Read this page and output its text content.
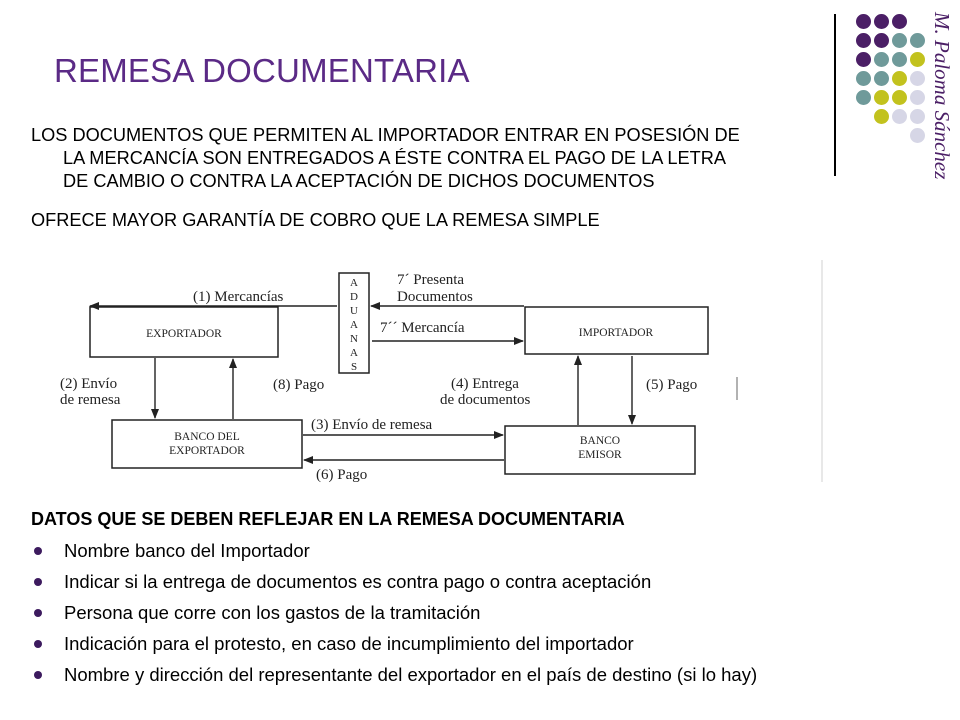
REMESA DOCUMENTARIA	M. Paloma Sánchez
LOS DOCUMENTOS QUE PERMITEN AL IMPORTADOR ENTRAR EN POSESIÓN DE
LA MERCANCÍA SON ENTREGADOS A ÉSTE CONTRA EL PAGO DE LA LETRA
DE CAMBIO O CONTRA LA ACEPTACIÓN DE DICHOS DOCUMENTOS
OFRECE MAYOR GARANTÍA DE COBRO QUE LA REMESA SIMPLE
EXPORTADOR
A
D
U
A
N
A
S
IMPORTADOR
BANCO DEL
EXPORTADOR
BANCO
EMISOR
(1) Mercancías
7´ Presenta
Documentos
7´´ Mercancía
(2) Envío
de remesa
(8) Pago	(4) Entrega
de documentos
(5) Pago
(3) Envío de remesa
(6) Pago
DATOS QUE SE DEBEN REFLEJAR EN LA REMESA DOCUMENTARIA
Nombre banco del Importador
Indicar si la entrega de documentos es contra pago o contra aceptación
Persona que corre con los gastos de la tramitación
Indicación para el protesto, en caso de incumplimiento del importador
Nombre y dirección del representante del exportador en el país de destino (si lo hay)
